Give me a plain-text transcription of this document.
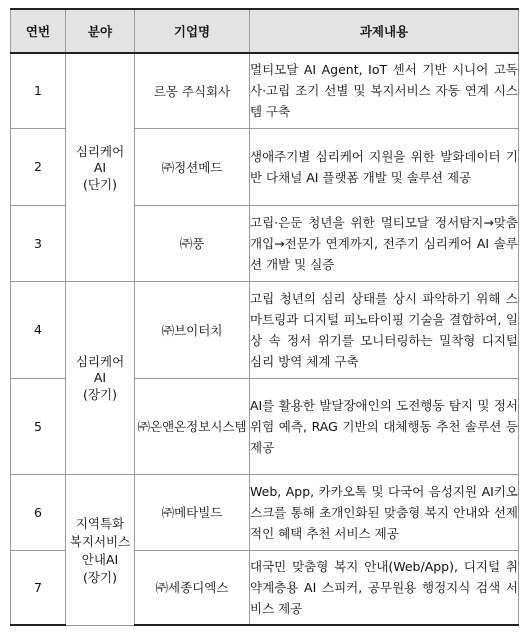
연번	분야	기업명	과제내용
1	심리케어
AI
(단기)	르몽 주식회사	멀티모달 AI Agent, IoT 센서 기반 시니어 고독사·고립 조기 선별 및 복지서비스 자동 연계 시스템 구축
2		㈜정션메드	생애주기별 심리케어 지원을 위한 발화데이터 기반 다채널 AI 플랫폼 개발 및 솔루션 제공
3		㈜풍	고립·은둔 청년을 위한 멀티모달 정서탐지→맞춤 개입→전문가 연계까지, 전주기 심리케어 AI 솔루션 개발 및 실증
4	심리케어
AI
(장기)	㈜브이터치	고립 청년의 심리 상태를 상시 파악하기 위해 스마트링과 디지털 피노타이핑 기술을 결합하여, 일상 속 정서 위기를 모니터링하는 밀착형 디지털 심리 방역 체계 구축
5		㈜온앤온정보시스템	AI를 활용한 발달장애인의 도전행동 탐지 및 정서위험 예측, RAG 기반의 대체행동 추천 솔루션 등 제공
6	지역특화
복지서비스
안내AI
(장기)	㈜메타빌드	Web, App, 카카오톡 및 다국어 음성지원 AI키오스크를 통해 초개인화된 맞춤형 복지 안내와 선제적인 혜택 추천 서비스 제공
7		㈜세종디엑스	대국민 맞춤형 복지 안내(Web/App), 디지털 취약계층용 AI 스피커, 공무원용 행정지식 검색 서비스 제공
